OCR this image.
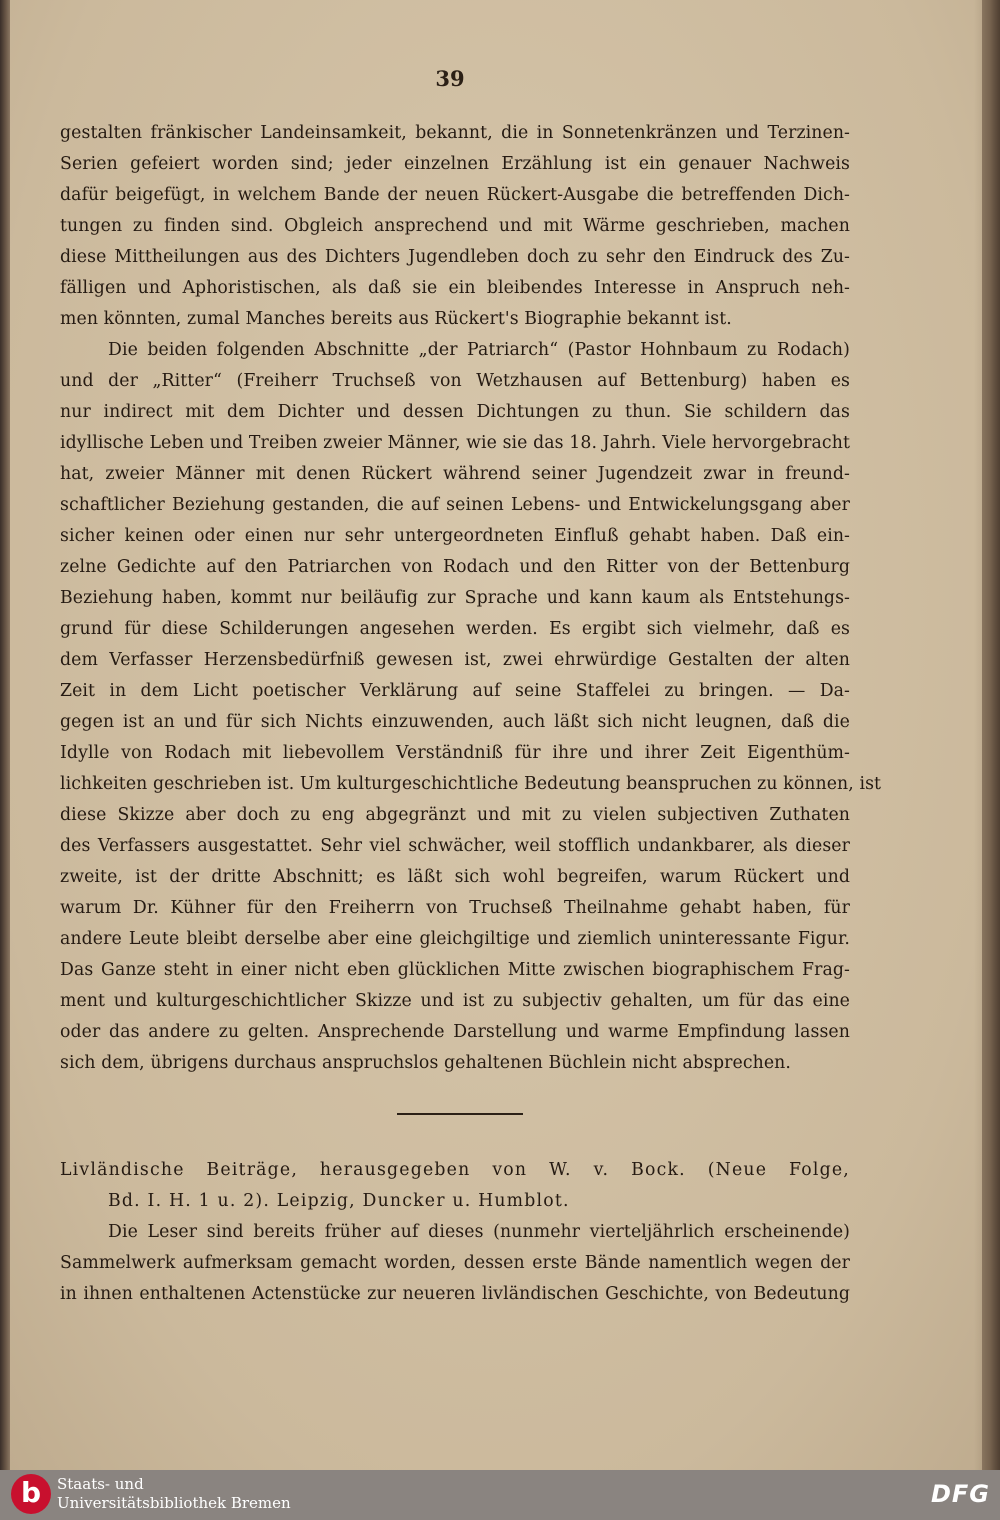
39
gestalten fränkischer Landeinsamkeit, bekannt, die in Sonnetenkränzen und Terzinen-
Serien gefeiert worden sind; jeder einzelnen Erzählung ist ein genauer Nachweis
dafür beigefügt, in welchem Bande der neuen Rückert-Ausgabe die betreffenden Dich-
tungen zu finden sind. Obgleich ansprechend und mit Wärme geschrieben, machen
diese Mittheilungen aus des Dichters Jugendleben doch zu sehr den Eindruck des Zu-
fälligen und Aphoristischen, als daß sie ein bleibendes Interesse in Anspruch neh-
men könnten, zumal Manches bereits aus Rückert's Biographie bekannt ist.
Die beiden folgenden Abschnitte „der Patriarch“ (Pastor Hohnbaum zu Rodach)
und der „Ritter“ (Freiherr Truchseß von Wetzhausen auf Bettenburg) haben es
nur indirect mit dem Dichter und dessen Dichtungen zu thun. Sie schildern das
idyllische Leben und Treiben zweier Männer, wie sie das 18. Jahrh. Viele hervorgebracht
hat, zweier Männer mit denen Rückert während seiner Jugendzeit zwar in freund-
schaftlicher Beziehung gestanden, die auf seinen Lebens- und Entwickelungsgang aber
sicher keinen oder einen nur sehr untergeordneten Einfluß gehabt haben. Daß ein-
zelne Gedichte auf den Patriarchen von Rodach und den Ritter von der Bettenburg
Beziehung haben, kommt nur beiläufig zur Sprache und kann kaum als Entstehungs-
grund für diese Schilderungen angesehen werden. Es ergibt sich vielmehr, daß es
dem Verfasser Herzensbedürfniß gewesen ist, zwei ehrwürdige Gestalten der alten
Zeit in dem Licht poetischer Verklärung auf seine Staffelei zu bringen. — Da-
gegen ist an und für sich Nichts einzuwenden, auch läßt sich nicht leugnen, daß die
Idylle von Rodach mit liebevollem Verständniß für ihre und ihrer Zeit Eigenthüm-
lichkeiten geschrieben ist. Um kulturgeschichtliche Bedeutung beanspruchen zu können, ist
diese Skizze aber doch zu eng abgegränzt und mit zu vielen subjectiven Zuthaten
des Verfassers ausgestattet. Sehr viel schwächer, weil stofflich undankbarer, als dieser
zweite, ist der dritte Abschnitt; es läßt sich wohl begreifen, warum Rückert und
warum Dr. Kühner für den Freiherrn von Truchseß Theilnahme gehabt haben, für
andere Leute bleibt derselbe aber eine gleichgiltige und ziemlich uninteressante Figur.
Das Ganze steht in einer nicht eben glücklichen Mitte zwischen biographischem Frag-
ment und kulturgeschichtlicher Skizze und ist zu subjectiv gehalten, um für das eine
oder das andere zu gelten. Ansprechende Darstellung und warme Empfindung lassen
sich dem, übrigens durchaus anspruchslos gehaltenen Büchlein nicht absprechen.
Livländische Beiträge, herausgegeben von W. v. Bock. (Neue Folge,
Bd. I. H. 1 u. 2). Leipzig, Duncker u. Humblot.
Die Leser sind bereits früher auf dieses (nunmehr vierteljährlich erscheinende)
Sammelwerk aufmerksam gemacht worden, dessen erste Bände namentlich wegen der
in ihnen enthaltenen Actenstücke zur neueren livländischen Geschichte, von Bedeutung
b	Staats- und
Universitätsbibliothek Bremen	DFG
